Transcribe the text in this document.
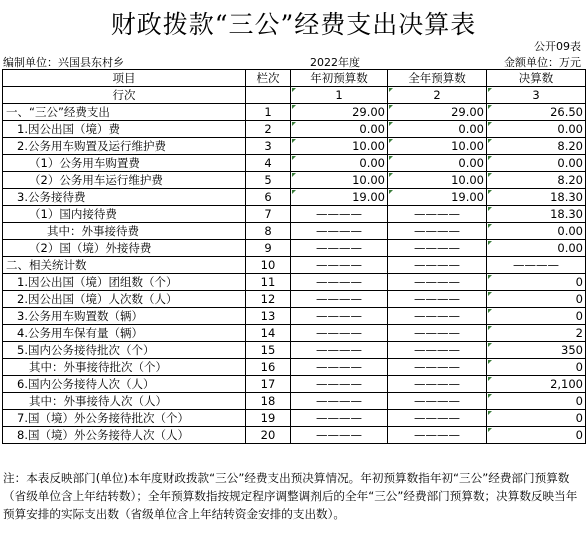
财政拨款“三公”经费支出决算表
公开09表
编制单位：兴国县东村乡	2022年度	金额单位：万元
项目	栏次	年初预算数	全年预算数	决算数
行次		1	2	3
一、“三公”经费支出	1	29.00	29.00	26.50
1.因公出国（境）费	2	0.00	0.00	0.00
2.公务用车购置及运行维护费	3	10.00	10.00	8.20
（1）公务用车购置费	4	0.00	0.00	0.00
（2）公务用车运行维护费	5	10.00	10.00	8.20
3.公务接待费	6	19.00	19.00	18.30
（1）国内接待费	7	————	————	18.30
其中：外事接待费	8	————	————	0.00
（2）国（境）外接待费	9	————	————	0.00
二、相关统计数	10	————	————	————
1.因公出国（境）团组数（个）	11	————	————	0
2.因公出国（境）人次数（人）	12	————	————	0
3.公务用车购置数（辆）	13	————	————	0
4.公务用车保有量（辆）	14	————	————	2
5.国内公务接待批次（个）	15	————	————	350
其中：外事接待批次（个）	16	————	————	0
6.国内公务接待人次（人）	17	————	————	2,100
其中：外事接待人次（人）	18	————	————	0
7.国（境）外公务接待批次（个）	19	————	————	0
8.国（境）外公务接待人次（人）	20	————	————	0
注：本表反映部门(单位)本年度财政拨款“三公”经费支出预决算情况。年初预算数指年初“三公”经费部门预算数（省级单位含上年结转数）；全年预算数指按规定程序调整调剂后的全年“三公”经费部门预算数；决算数反映当年预算安排的实际支出数（省级单位含上年结转资金安排的支出数）。
